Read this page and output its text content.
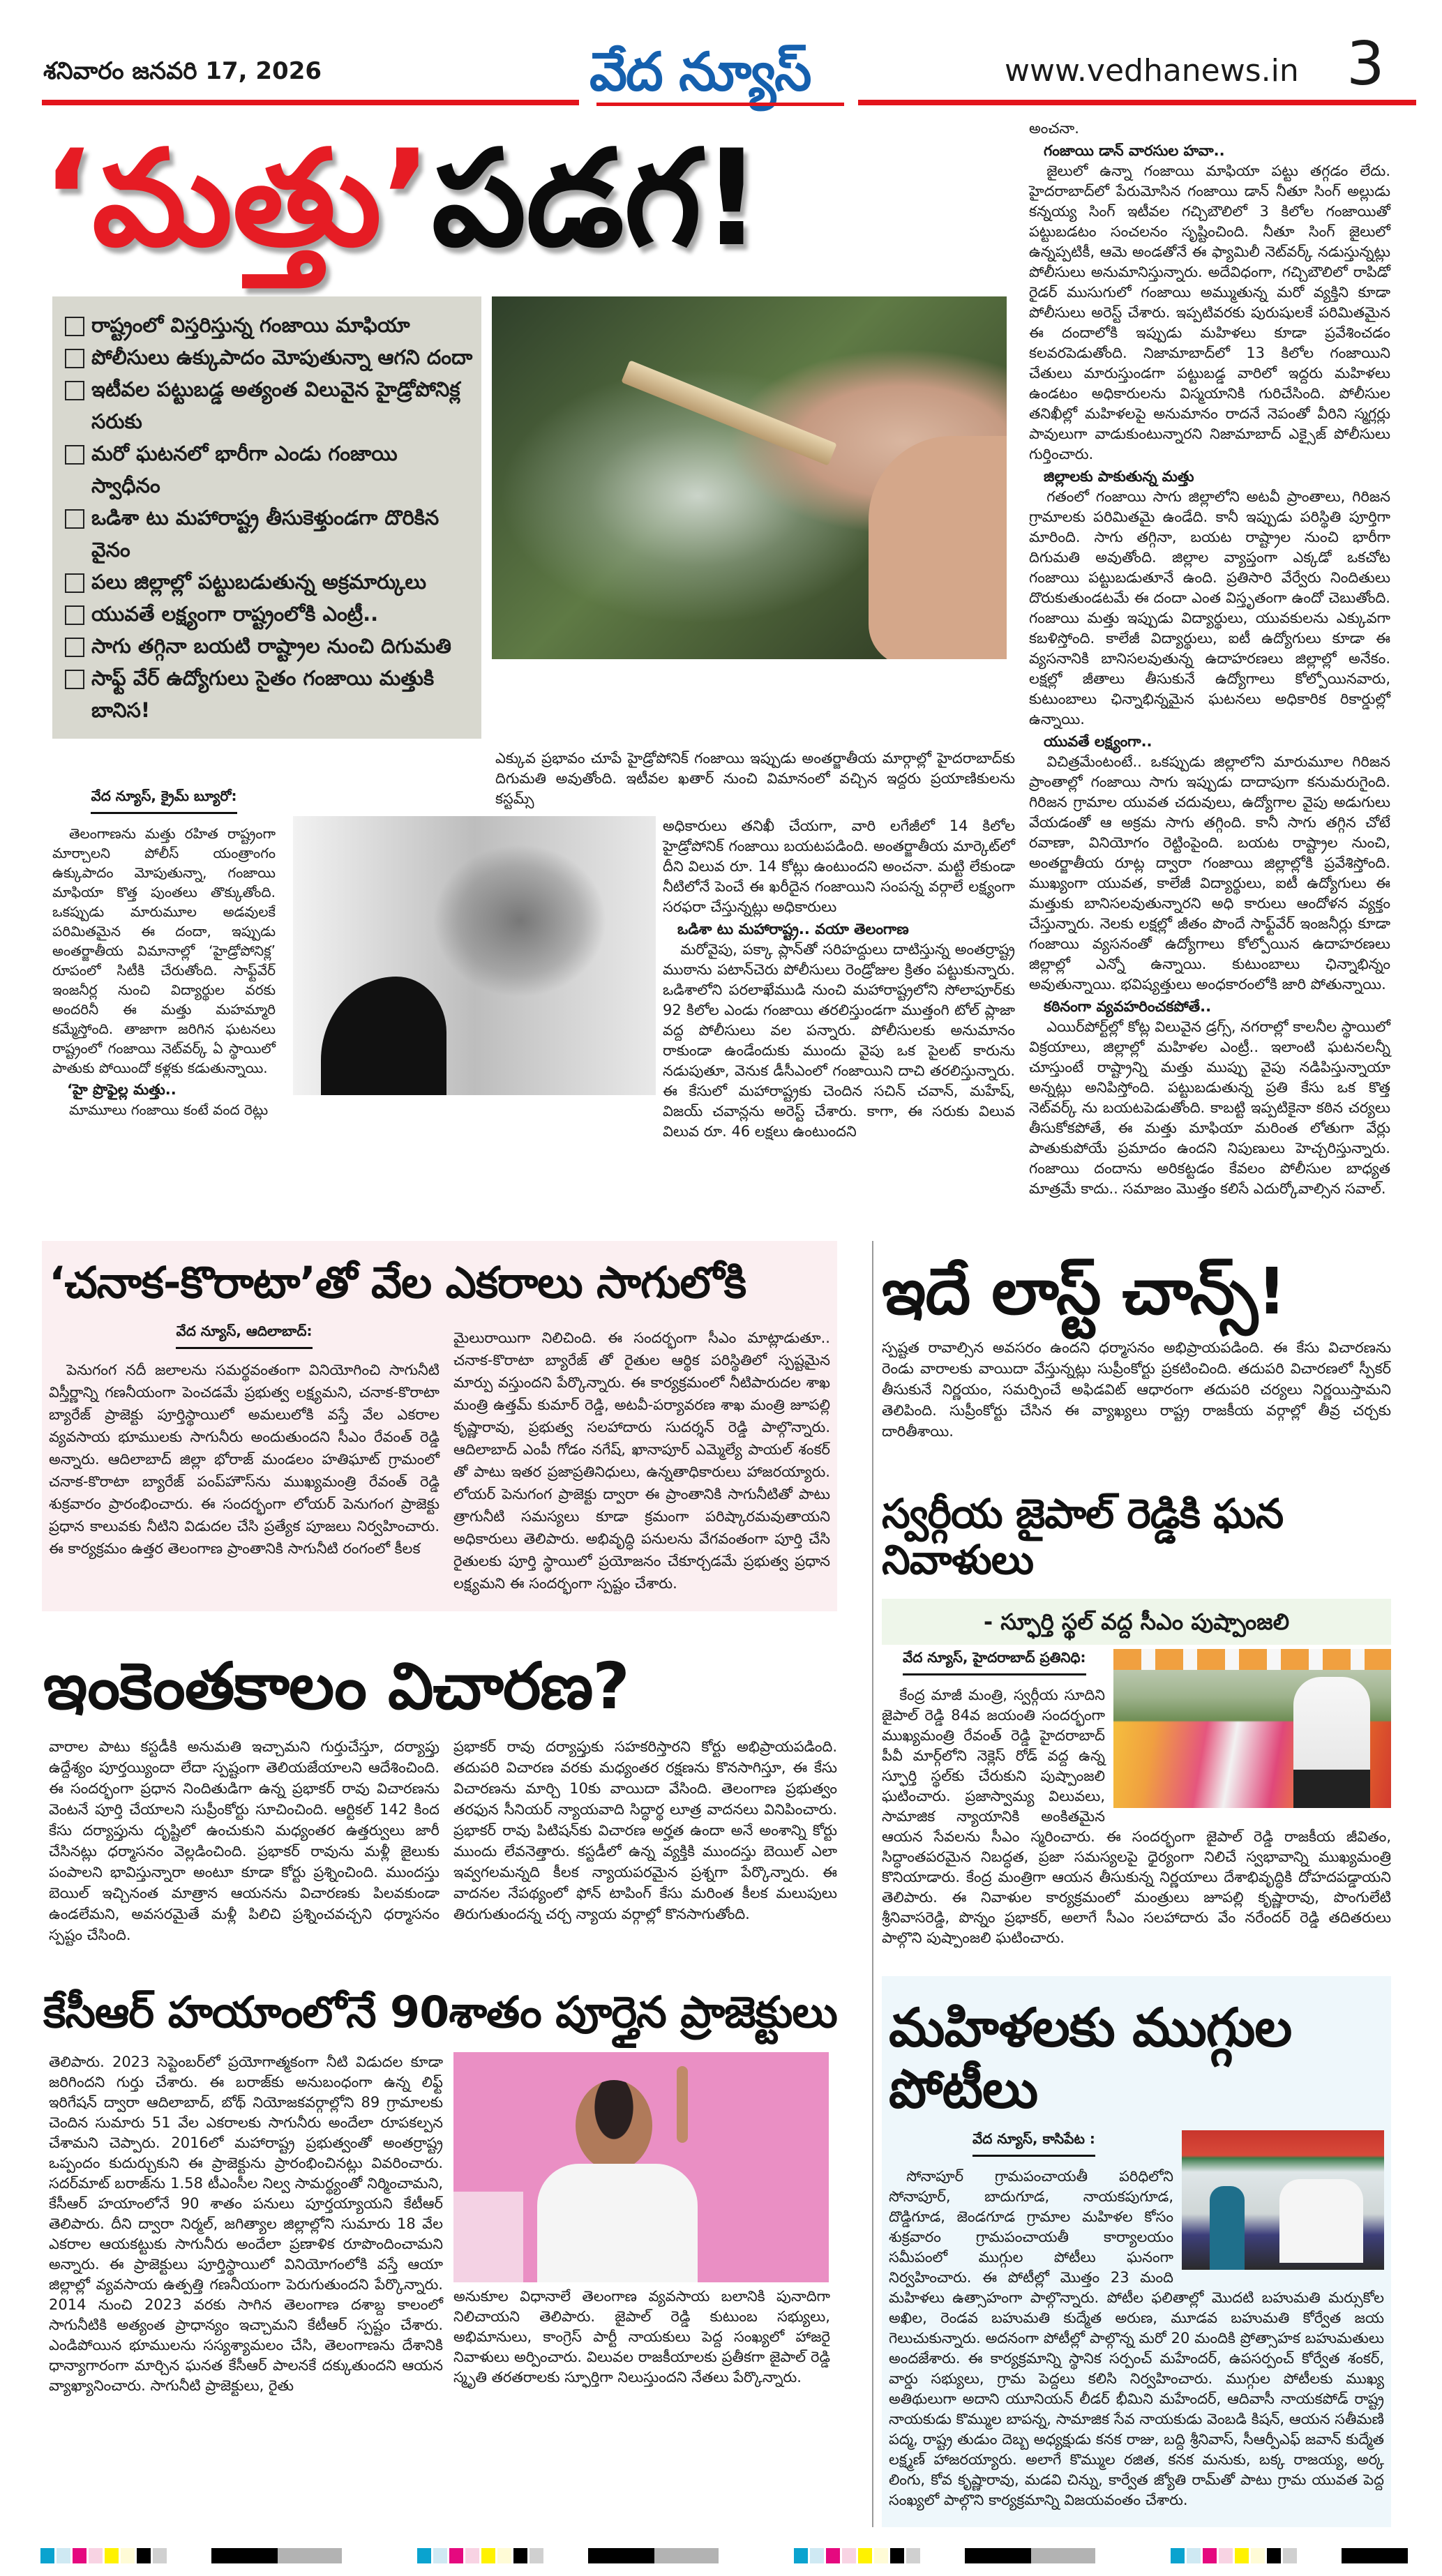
శనివారం జనవరి 17, 2026	వేద న్యూస్	www.vedhanews.in 3
‘మత్తు’పడగ!
రాష్ట్రంలో విస్తరిస్తున్న గంజాయి మాఫియా
పోలీసులు ఉక్కుపాదం మోపుతున్నా ఆగని దందా
ఇటీవల పట్టుబడ్డ అత్యంత విలువైన హైడ్రోపోనిక్ల సరుకు
మరో ఘటనలో భారీగా ఎండు గంజాయి స్వాధీనం
ఒడిశా టు మహారాష్ట్ర తీసుకెళ్తుండగా దొరికిన వైనం
పలు జిల్లాల్లో పట్టుబడుతున్న అక్రమార్కులు
యువతే లక్ష్యంగా రాష్ట్రంలోకి ఎంట్రీ..
సాగు తగ్గినా బయటి రాష్ట్రాల నుంచి దిగుమతి
సాఫ్ట్ వేర్ ఉద్యోగులు సైతం గంజాయి మత్తుకి బానిస!
వేద న్యూస్, క్రైమ్ బ్యూరో:

తెలంగాణను మత్తు రహిత రాష్ట్రంగా మార్చాలని పోలీస్ యంత్రాంగం ఉక్కుపాదం మోపుతున్నా, గంజాయి మాఫియా కొత్త పుంతలు తొక్కుతోంది. ఒకప్పుడు మారుమూల అడవులకే పరిమితమైన ఈ దందా, ఇప్పుడు అంతర్జాతీయ విమానాల్లో ‘హైడ్రోపోనిక్ల’ రూపంలో సిటీకి చేరుతోంది. సాఫ్ట్‌వేర్ ఇంజనీర్ల నుంచి విద్యార్థుల వరకు అందరినీ ఈ మత్తు మహమ్మారి కమ్మేస్తోంది. తాజాగా జరిగిన ఘటనలు రాష్ట్రంలో గంజాయి నెట్‌వర్క్ ఏ స్థాయిలో పాతుకు పోయిందో కళ్లకు కడుతున్నాయి.

‘హై ప్రొఫైల్ల మత్తు..

మామూలు గంజాయి కంటే వంద రెట్లు

ఎక్కువ ప్రభావం చూపే హైడ్రోపోనిక్ గంజాయి ఇప్పుడు అంతర్జాతీయ మార్గాల్లో హైదరాబాద్‌కు దిగుమతి అవుతోంది. ఇటీవల ఖతార్ నుంచి విమానంలో వచ్చిన ఇద్దరు ప్రయాణికులను కస్టమ్స్

అధికారులు తనిఖీ చేయగా, వారి లగేజీలో 14 కిలోల హైడ్రోపోనిక్ గంజాయి బయటపడింది. అంతర్జాతీయ మార్కెట్‌లో దీని విలువ రూ. 14 కోట్లు ఉంటుందని అంచనా. మట్టి లేకుండా నీటిలోనే పెంచే ఈ ఖరీదైన గంజాయిని సంపన్న వర్గాలే లక్ష్యంగా సరఫరా చేస్తున్నట్లు అధికారులు

ఒడిశా టు మహారాష్ట్ర.. వయా తెలంగాణ

మరోవైపు, పక్కా ప్లాన్‌తో సరిహద్దులు దాటిస్తున్న అంతర్రాష్ట్ర ముఠాను పటాన్‌చెరు పోలీసులు రెండ్రోజుల క్రితం పట్టుకున్నారు. ఒడిశాలోని పరలాఖేముడి నుంచి మహారాష్ట్రలోని సోలాపూర్‌కు 92 కిలోల ఎండు గంజాయి తరలిస్తుండగా ముత్తంగి టోల్ ప్లాజా వద్ద పోలీసులు వల పన్నారు. పోలీసులకు అనుమానం రాకుండా ఉండేందుకు ముందు వైపు ఒక పైలట్ కారును నడుపుతూ, వెనుక డీసీఎంలో గంజాయిని దాచి తరలిస్తున్నారు. ఈ కేసులో మహారాష్ట్రకు చెందిన సచిన్ చవాన్, మహేష్, విజయ్ చవాన్లను అరెస్ట్ చేశారు. కాగా, ఈ సరుకు విలువ విలువ రూ. 46 లక్షలు ఉంటుందని

అంచనా.

గంజాయి డాన్ వారసుల హవా..

జైలులో ఉన్నా గంజాయి మాఫియా పట్టు తగ్గడం లేదు. హైదరాబాద్‌లో పేరుమోసిన గంజాయి డాన్ నీతూ సింగ్ అల్లుడు కన్నయ్య సింగ్ ఇటీవల గచ్చిబౌలిలో 3 కిలోల గంజాయితో పట్టుబడటం సంచలనం సృష్టించింది. నీతూ సింగ్ జైలులో ఉన్నప్పటికీ, ఆమె అండతోనే ఈ ఫ్యామిలీ నెట్‌వర్క్ నడుస్తున్నట్లు పోలీసులు అనుమానిస్తున్నారు. అదేవిధంగా, గచ్చిబౌలిలో రాపిడో రైడర్ ముసుగులో గంజాయి అమ్ముతున్న మరో వ్యక్తిని కూడా పోలీసులు అరెస్ట్ చేశారు. ఇప్పటివరకు పురుషులకే పరిమితమైన ఈ దందాలోకి ఇప్పుడు మహిళలు కూడా ప్రవేశించడం కలవరపెడుతోంది. నిజామాబాద్‌లో 13 కిలోల గంజాయిని చేతులు మారుస్తుండగా పట్టుబడ్డ వారిలో ఇద్దరు మహిళలు ఉండటం అధికారులను విస్మయానికి గురిచేసింది. పోలీసుల తనిఖీల్లో మహిళలపై అనుమానం రాదనే నెపంతో వీరిని స్మగ్లర్లు పావులుగా వాడుకుంటున్నారని నిజామాబాద్ ఎక్సైజ్ పోలీసులు గుర్తించారు.

జిల్లాలకు పాకుతున్న మత్తు

గతంలో గంజాయి సాగు జిల్లాలోని అటవీ ప్రాంతాలు, గిరిజన గ్రామాలకు పరిమితమై ఉండేది. కానీ ఇప్పుడు పరిస్థితి పూర్తిగా మారింది. సాగు తగ్గినా, బయట రాష్ట్రాల నుంచి భారీగా దిగుమతి అవుతోంది. జిల్లాల వ్యాప్తంగా ఎక్కడో ఒకచోట గంజాయి పట్టుబడుతూనే ఉంది. ప్రతిసారి వేర్వేరు నిందితులు దొరుకుతుండటమే ఈ దందా ఎంత విస్తృతంగా ఉందో చెబుతోంది. గంజాయి మత్తు ఇప్పుడు విద్యార్థులు, యువకులను ఎక్కువగా కబళిస్తోంది. కాలేజీ విద్యార్థులు, ఐటీ ఉద్యోగులు కూడా ఈ వ్యసనానికి బానిసలవుతున్న ఉదాహరణలు జిల్లాల్లో అనేకం. లక్షల్లో జీతాలు తీసుకునే ఉద్యోగాలు కోల్పోయినవారు, కుటుంబాలు ఛిన్నాభిన్నమైన ఘటనలు అధికారిక రికార్డుల్లో ఉన్నాయి.

యువతే లక్ష్యంగా..

విచిత్రమేంటంటే.. ఒకప్పుడు జిల్లాలోని మారుమూల గిరిజన ప్రాంతాల్లో గంజాయి సాగు ఇప్పుడు దాదాపుగా కనుమరుగైంది. గిరిజన గ్రామాల యువత చదువులు, ఉద్యోగాల వైపు అడుగులు వేయడంతో ఆ అక్రమ సాగు తగ్గింది. కానీ సాగు తగ్గిన చోటే రవాణా, వినియోగం రెట్టింపైంది. బయట రాష్ట్రాల నుంచి, అంతర్జాతీయ రూట్ల ద్వారా గంజాయి జిల్లాల్లోకి ప్రవేశిస్తోంది. ముఖ్యంగా యువత, కాలేజీ విద్యార్థులు, ఐటీ ఉద్యోగులు ఈ మత్తుకు బానిసలవుతున్నారని అధి కారులు ఆందోళన వ్యక్తం చేస్తున్నారు. నెలకు లక్షల్లో జీతం పొందే సాఫ్ట్‌వేర్ ఇంజనీర్లు కూడా గంజాయి వ్యసనంతో ఉద్యోగాలు కోల్పోయిన ఉదాహరణలు జిల్లాల్లో ఎన్నో ఉన్నాయి. కుటుంబాలు ఛిన్నాభిన్నం అవుతున్నాయి. భవిష్యత్తులు అంధకారంలోకి జారి పోతున్నాయి.

కఠినంగా వ్యవహరించకపోతే..

ఎయిర్‌పోర్ట్‌ల్లో కోట్ల విలువైన డ్రగ్స్, నగరాల్లో కాలనీల స్థాయిలో విక్రయాలు, జిల్లాల్లో మహిళల ఎంట్రీ.. ఇలాంటి ఘటనలన్నీ చూస్తుంటే రాష్ట్రాన్ని మత్తు ముప్పు వైపు నడిపిస్తున్నాయా అన్నట్లు అనిపిస్తోంది. పట్టుబడుతున్న ప్రతి కేసు ఒక కొత్త నెట్‌వర్క్ ను బయటపెడుతోంది. కాబట్టి ఇప్పటికైనా కఠిన చర్యలు తీసుకోకపోతే, ఈ మత్తు మాఫియా మరింత లోతుగా వేర్లు పాతుకుపోయే ప్రమాదం ఉందని నిపుణులు హెచ్చరిస్తున్నారు. గంజాయి దందాను అరికట్టడం కేవలం పోలీసుల బాధ్యత మాత్రమే కాదు.. సమాజం మొత్తం కలిసే ఎదుర్కోవాల్సిన సవాల్.

‘చనాక-కొరాటా’తో వేల ఎకరాలు సాగులోకి
వేద న్యూస్, ఆదిలాబాద్:

పెనుగంగ నదీ జలాలను సమర్థవంతంగా వినియోగించి సాగునీటి విస్తీర్ణాన్ని గణనీయంగా పెంచడమే ప్రభుత్వ లక్ష్యమని, చనాక-కొరాటా బ్యారేజ్ ప్రాజెక్టు పూర్తిస్థాయిలో అమలులోకి వస్తే వేల ఎకరాల వ్యవసాయ భూములకు సాగునీరు అందుతుందని సీఎం రేవంత్ రెడ్డి అన్నారు. ఆదిలాబాద్ జిల్లా భోరాజ్ మండలం హతిఘాట్ గ్రామంలో చనాక-కొరాటా బ్యారేజ్ పంప్‌హౌస్‌ను ముఖ్యమంత్రి రేవంత్ రెడ్డి శుక్రవారం ప్రారంభించారు. ఈ సందర్భంగా లోయర్ పెనుగంగ ప్రాజెక్టు ప్రధాన కాలువకు నీటిని విడుదల చేసి ప్రత్యేక పూజలు నిర్వహించారు. ఈ కార్యక్రమం ఉత్తర తెలంగాణ ప్రాంతానికి సాగునీటి రంగంలో కీలక

మైలురాయిగా నిలిచింది. ఈ సందర్భంగా సీఎం మాట్లాడుతూ.. చనాక-కొరాటా బ్యారేజ్ తో రైతుల ఆర్థిక పరిస్థితిలో స్పష్టమైన మార్పు వస్తుందని పేర్కొన్నారు. ఈ కార్యక్రమంలో నీటిపారుదల శాఖ మంత్రి ఉత్తమ్ కుమార్ రెడ్డి, అటవీ-పర్యావరణ శాఖ మంత్రి జూపల్లి కృష్ణారావు, ప్రభుత్వ సలహాదారు సుదర్శన్ రెడ్డి పాల్గొన్నారు. ఆదిలాబాద్ ఎంపీ గోడం నగేష్, ఖానాపూర్ ఎమ్మెల్యే పాయల్ శంకర్ తో పాటు ఇతర ప్రజాప్రతినిధులు, ఉన్నతాధికారులు హాజరయ్యారు. లోయర్ పెనుగంగ ప్రాజెక్టు ద్వారా ఈ ప్రాంతానికి సాగునీటితో పాటు త్రాగునీటి సమస్యలు కూడా క్రమంగా పరిష్కారమవుతాయని అధికారులు తెలిపారు. అభివృద్ధి పనులను వేగవంతంగా పూర్తి చేసి రైతులకు పూర్తి స్థాయిలో ప్రయోజనం చేకూర్చడమే ప్రభుత్వ ప్రధాన లక్ష్యమని ఈ సందర్భంగా స్పష్టం చేశారు.

ఇంకెంతకాలం విచారణ?

వారాల పాటు కస్టడీకి అనుమతి ఇచ్చామని గుర్తుచేస్తూ, దర్యాప్తు ఉద్దేశ్యం పూర్తయ్యిందా లేదా స్పష్టంగా తెలియజేయాలని ఆదేశించింది. ఈ సందర్భంగా ప్రధాన నిందితుడిగా ఉన్న ప్రభాకర్ రావు విచారణను వెంటనే పూర్తి చేయాలని సుప్రీంకోర్టు సూచించింది. ఆర్టికల్ 142 కింద కేసు దర్యాప్తును దృష్టిలో ఉంచుకుని మధ్యంతర ఉత్తర్వులు జారీ చేసినట్లు ధర్మాసనం వెల్లడించింది. ప్రభాకర్ రావును మళ్లీ జైలుకు పంపాలని భావిస్తున్నారా అంటూ కూడా కోర్టు ప్రశ్నించింది. ముందస్తు బెయిల్ ఇచ్చినంత మాత్రాన ఆయనను విచారణకు పిలవకుండా ఉండలేమని, అవసరమైతే మళ్లీ పిలిచి ప్రశ్నించవచ్చని ధర్మాసనం స్పష్టం చేసింది.

ప్రభాకర్ రావు దర్యాప్తుకు సహకరిస్తారని కోర్టు అభిప్రాయపడింది. తదుపరి విచారణ వరకు మధ్యంతర రక్షణను కొనసాగిస్తూ, ఈ కేసు విచారణను మార్చి 10కు వాయిదా వేసింది. తెలంగాణ ప్రభుత్వం తరఫున సీనియర్ న్యాయవాది సిద్ధార్థ లూత్ర వాదనలు వినిపించారు. ప్రభాకర్ రావు పిటిషన్‌కు విచారణ అర్హత ఉందా అనే అంశాన్ని కోర్టు ముందు లేవనెత్తారు. కస్టడీలో ఉన్న వ్యక్తికి ముందస్తు బెయిల్ ఎలా ఇవ్వగలమన్నది కీలక న్యాయపరమైన ప్రశ్నగా పేర్కొన్నారు. ఈ వాదనల నేపథ్యంలో ఫోన్ టాపింగ్ కేసు మరింత కీలక మలుపులు తిరుగుతుందన్న చర్చ న్యాయ వర్గాల్లో కొనసాగుతోంది.

కేసీఆర్ హయాంలోనే 90శాతం పూర్తైన ప్రాజెక్టులు

తెలిపారు. 2023 సెప్టెంబర్‌లో ప్రయోగాత్మకంగా నీటి విడుదల కూడా జరిగిందని గుర్తు చేశారు. ఈ బరాజ్‌కు అనుబంధంగా ఉన్న లిఫ్ట్ ఇరిగేషన్ ద్వారా ఆదిలాబాద్, బోథ్ నియోజకవర్గాల్లోని 89 గ్రామాలకు చెందిన సుమారు 51 వేల ఎకరాలకు సాగునీరు అందేలా రూపకల్పన చేశామని చెప్పారు. 2016లో మహారాష్ట్ర ప్రభుత్వంతో అంతర్రాష్ట్ర ఒప్పందం కుదుర్చుకుని ఈ ప్రాజెక్టును ప్రారంభించినట్లు వివరించారు. సదర్‌మాట్ బరాజ్‌ను 1.58 టీఎంసీల నిల్వ సామర్థ్యంతో నిర్మించామని, కేసీఆర్ హయాంలోనే 90 శాతం పనులు పూర్తయ్యాయని కేటీఆర్ తెలిపారు. దీని ద్వారా నిర్మల్, జగిత్యాల జిల్లాల్లోని సుమారు 18 వేల ఎకరాల ఆయకట్టుకు సాగునీరు అందేలా ప్రణాళిక రూపొందించామని అన్నారు. ఈ ప్రాజెక్టులు పూర్తిస్థాయిలో వినియోగంలోకి వస్తే ఆయా జిల్లాల్లో వ్యవసాయ ఉత్పత్తి గణనీయంగా పెరుగుతుందని పేర్కొన్నారు. 2014 నుంచి 2023 వరకు సాగిన తెలంగాణ దశాబ్ద కాలంలో సాగునీటికి అత్యంత ప్రాధాన్యం ఇచ్చామని కేటీఆర్ స్పష్టం చేశారు. ఎండిపోయిన భూములను సస్యశ్యామలం చేసి, తెలంగాణను దేశానికి ధాన్యాగారంగా మార్చిన ఘనత కేసీఆర్ పాలనకే దక్కుతుందని ఆయన వ్యాఖ్యానించారు. సాగునీటి ప్రాజెక్టులు, రైతు

అనుకూల విధానాలే తెలంగాణ వ్యవసాయ బలానికి పునాదిగా నిలిచాయని తెలిపారు. జైపాల్ రెడ్డి కుటుంబ సభ్యులు, అభిమానులు, కాంగ్రెస్ పార్టీ నాయకులు పెద్ద సంఖ్యలో హాజరై నివాళులు అర్పించారు. విలువల రాజకీయాలకు ప్రతీకగా జైపాల్ రెడ్డి స్మృతి తరతరాలకు స్ఫూర్తిగా నిలుస్తుందని నేతలు పేర్కొన్నారు.

ఇదే లాస్ట్ చాన్స్!

స్పష్టత రావాల్సిన అవసరం ఉందని ధర్మాసనం అభిప్రాయపడింది. ఈ కేసు విచారణను రెండు వారాలకు వాయిదా వేస్తున్నట్లు సుప్రీంకోర్టు ప్రకటించింది. తదుపరి విచారణలో స్పీకర్ తీసుకునే నిర్ణయం, సమర్పించే అఫిడవిట్ ఆధారంగా తదుపరి చర్యలు నిర్ణయిస్తామని తెలిపింది. సుప్రీంకోర్టు చేసిన ఈ వ్యాఖ్యలు రాష్ట్ర రాజకీయ వర్గాల్లో తీవ్ర చర్చకు దారితీశాయి.

స్వర్గీయ జైపాల్ రెడ్డికి ఘన నివాళులు
- స్ఫూర్తి స్థల్ వద్ద సీఎం పుష్పాంజలి
వేద న్యూస్, హైదరాబాద్ ప్రతినిధి:

కేంద్ర మాజీ మంత్రి, స్వర్గీయ సూదిని జైపాల్ రెడ్డి 84వ జయంతి సందర్భంగా ముఖ్యమంత్రి రేవంత్ రెడ్డి హైదరాబాద్ పీవీ మార్గ్‌లోని నెక్లెస్ రోడ్ వద్ద ఉన్న స్ఫూర్తి స్థల్‌కు చేరుకుని పుష్పాంజలి ఘటించారు. ప్రజాస్వామ్య విలువలు, సామాజిక న్యాయానికి అంకితమైన ఆయన సేవలను సీఎం స్మరించారు. ఈ సందర్భంగా జైపాల్ రెడ్డి రాజకీయ జీవితం, సిద్ధాంతపరమైన నిబద్ధత, ప్రజా సమస్యలపై ధైర్యంగా నిలిచే స్వభావాన్ని ముఖ్యమంత్రి కొనియాడారు. కేంద్ర మంత్రిగా ఆయన తీసుకున్న నిర్ణయాలు దేశాభివృద్ధికి దోహదపడ్డాయని తెలిపారు. ఈ నివాళుల కార్యక్రమంలో మంత్రులు జూపల్లి కృష్ణారావు, పొంగులేటి శ్రీనివాసరెడ్డి, పొన్నం ప్రభాకర్, అలాగే సీఎం సలహాదారు వేం నరేందర్ రెడ్డి తదితరులు పాల్గొని పుష్పాంజలి ఘటించారు.

మహిళలకు ముగ్గుల పోటీలు
వేద న్యూస్, కాసిపేట :

సోనాపూర్ గ్రామపంచాయతీ పరిధిలోని సోనాపూర్, బాదుగూడ, నాయకపుగూడ, దొడ్డిగూడ, జెండగూడ గ్రామాల మహిళల కోసం శుక్రవారం గ్రామపంచాయతీ కార్యాలయం సమీపంలో ముగ్గుల పోటీలు ఘనంగా నిర్వహించారు. ఈ పోటీల్లో మొత్తం 23 మంది మహిళలు ఉత్సాహంగా పాల్గొన్నారు. పోటీల ఫలితాల్లో మొదటి బహుమతి మర్సుకోల అఖిల, రెండవ బహుమతి కుద్మేత అరుణ, మూడవ బహుమతి కోర్వేత జయ గెలుచుకున్నారు. అదనంగా పోటీల్లో పాల్గొన్న మరో 20 మందికి ప్రోత్సాహక బహుమతులు అందజేశారు. ఈ కార్యక్రమాన్ని స్థానిక సర్పంచ్ మహేందర్, ఉపసర్పంచ్ కోర్వేత శంకర్, వార్డు సభ్యులు, గ్రామ పెద్దలు కలిసి నిర్వహించారు. ముగ్గుల పోటీలకు ముఖ్య అతిథులుగా అదాని యూనియన్ లీడర్ భీమిని మహేందర్, ఆదివాసీ నాయకపోడ్ రాష్ట్ర నాయకుడు కొమ్ముల బాపన్న, సామాజిక సేవ నాయకుడు వెంబడి కిషన్, ఆయన సతీమణి పద్మ, రాష్ట్ర తుడుం దెబ్బ అధ్యక్షుడు కనక రాజు, బద్ది శ్రీనివాస్, సీఆర్పీఎఫ్ జవాన్ కుద్మేత లక్ష్మణ్ హాజరయ్యారు. అలాగే కొమ్ముల రజిత, కనక మనుకు, బక్క రాజయ్య, అర్క లింగు, కోవ కృష్ణారావు, మడవి చిన్ను, కార్వేత జ్యోతి రామ్‌తో పాటు గ్రామ యువత పెద్ద సంఖ్యలో పాల్గొని కార్యక్రమాన్ని విజయవంతం చేశారు.
